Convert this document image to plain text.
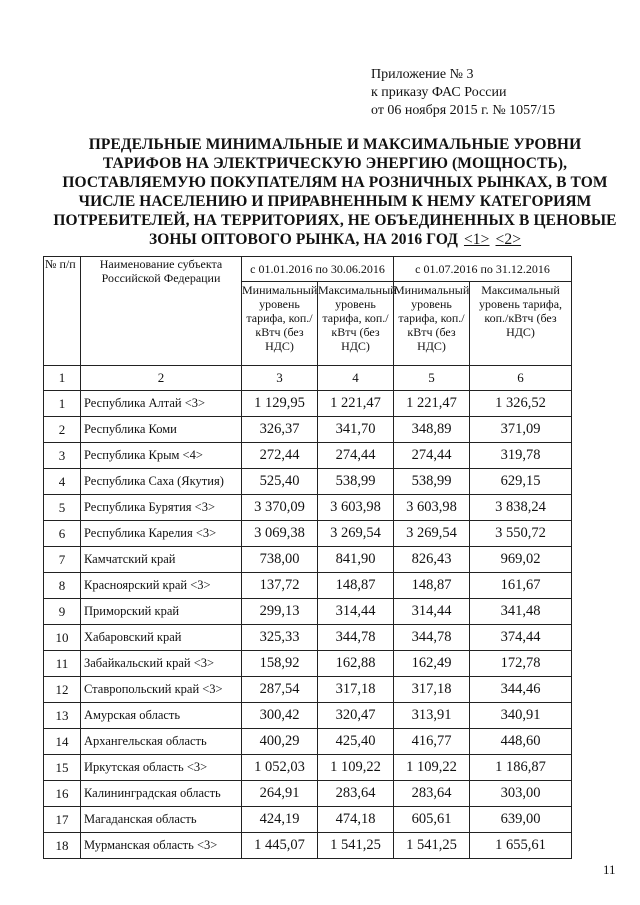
Приложение № 3
к приказу ФАС России
от 06 ноября 2015 г. № 1057/15
ПРЕДЕЛЬНЫЕ МИНИМАЛЬНЫЕ И МАКСИМАЛЬНЫЕ УРОВНИ
ТАРИФОВ НА ЭЛЕКТРИЧЕСКУЮ ЭНЕРГИЮ (МОЩНОСТЬ),
ПОСТАВЛЯЕМУЮ ПОКУПАТЕЛЯМ НА РОЗНИЧНЫХ РЫНКАХ, В ТОМ
ЧИСЛЕ НАСЕЛЕНИЮ И ПРИРАВНЕННЫМ К НЕМУ КАТЕГОРИЯМ
ПОТРЕБИТЕЛЕЙ, НА ТЕРРИТОРИЯХ, НЕ ОБЪЕДИНЕННЫХ В ЦЕНОВЫЕ
ЗОНЫ ОПТОВОГО РЫНКА, НА 2016 ГОД <1> <2>
№ п/п	Наименование субъекта Российской Федерации	с 01.01.2016 по 30.06.2016		с 01.07.2016 по 31.12.2016	
		Минимальный уровень тарифа, коп./кВтч (без НДС)	Максимальный уровень тарифа, коп./кВтч (без НДС)	Минимальный уровень тарифа, коп./кВтч (без НДС)	Максимальный уровень тарифа, коп./кВтч (без НДС)
1	2	3	4	5	6
1	Республика Алтай <3>	1 129,95	1 221,47	1 221,47	1 326,52
2	Республика Коми	326,37	341,70	348,89	371,09
3	Республика Крым <4>	272,44	274,44	274,44	319,78
4	Республика Саха (Якутия)	525,40	538,99	538,99	629,15
5	Республика Бурятия <3>	3 370,09	3 603,98	3 603,98	3 838,24
6	Республика Карелия <3>	3 069,38	3 269,54	3 269,54	3 550,72
7	Камчатский край	738,00	841,90	826,43	969,02
8	Красноярский край <3>	137,72	148,87	148,87	161,67
9	Приморский край	299,13	314,44	314,44	341,48
10	Хабаровский край	325,33	344,78	344,78	374,44
11	Забайкальский край <3>	158,92	162,88	162,49	172,78
12	Ставропольский край <3>	287,54	317,18	317,18	344,46
13	Амурская область	300,42	320,47	313,91	340,91
14	Архангельская область	400,29	425,40	416,77	448,60
15	Иркутская область <3>	1 052,03	1 109,22	1 109,22	1 186,87
16	Калининградская область	264,91	283,64	283,64	303,00
17	Магаданская область	424,19	474,18	605,61	639,00
18	Мурманская область <3>	1 445,07	1 541,25	1 541,25	1 655,61
11
